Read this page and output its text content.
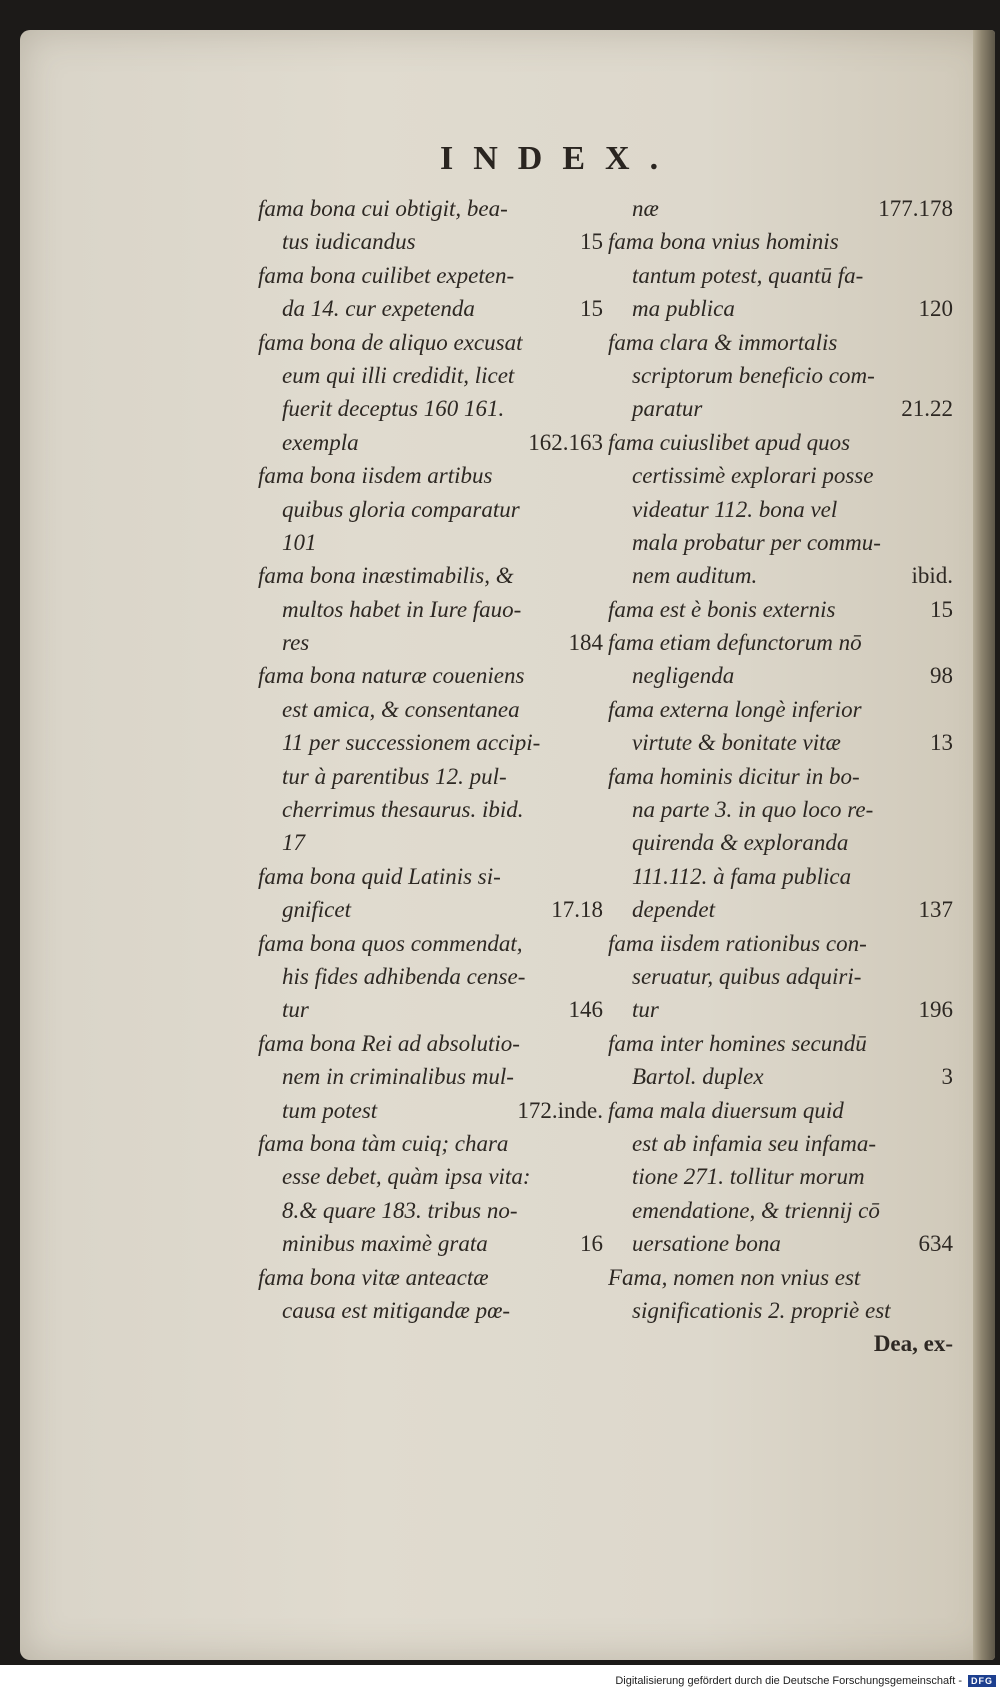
INDEX.
fama bona cui obtigit, bea-
tus iudicandus	15
fama bona cuilibet expeten-
da 14. cur expetenda	15
fama bona de aliquo excusat
eum qui illi credidit, licet
fuerit deceptus 160 161.
exempla	162.163
fama bona iisdem artibus
quibus gloria comparatur
101
fama bona inæstimabilis, &
multos habet in Iure fauo-
res	184
fama bona naturæ coueniens
est amica, & consentanea
11 per successionem accipi-
tur à parentibus 12. pul-
cherrimus thesaurus. ibid.
17
fama bona quid Latinis si-
gnificet	17.18
fama bona quos commendat,
his fides adhibenda cense-
tur	146
fama bona Rei ad absolutio-
nem in criminalibus mul-
tum potest	172.inde.
fama bona tàm cuiq; chara
esse debet, quàm ipsa vita:
8.& quare 183. tribus no-
minibus maximè grata	16
fama bona vitæ anteactæ
causa est mitigandæ pœ-
næ	177.178
fama bona vnius hominis
tantum potest, quantū fa-
ma publica	120
fama clara & immortalis
scriptorum beneficio com-
paratur	21.22
fama cuiuslibet apud quos
certissimè explorari posse
videatur 112. bona vel
mala probatur per commu-
nem auditum.	ibid.
fama est è bonis externis	15
fama etiam defunctorum nō
negligenda	98
fama externa longè inferior
virtute & bonitate vitæ	13
fama hominis dicitur in bo-
na parte 3. in quo loco re-
quirenda & exploranda
111.112. à fama publica
dependet	137
fama iisdem rationibus con-
seruatur, quibus adquiri-
tur	196
fama inter homines secundū
Bartol. duplex	3
fama mala diuersum quid
est ab infamia seu infama-
tione 271. tollitur morum
emendatione, & triennij cō
uersatione bona	634
Fama, nomen non vnius est
significationis 2. propriè est
Dea, ex-
Digitalisierung gefördert durch die Deutsche Forschungsgemeinschaft -	DFG
